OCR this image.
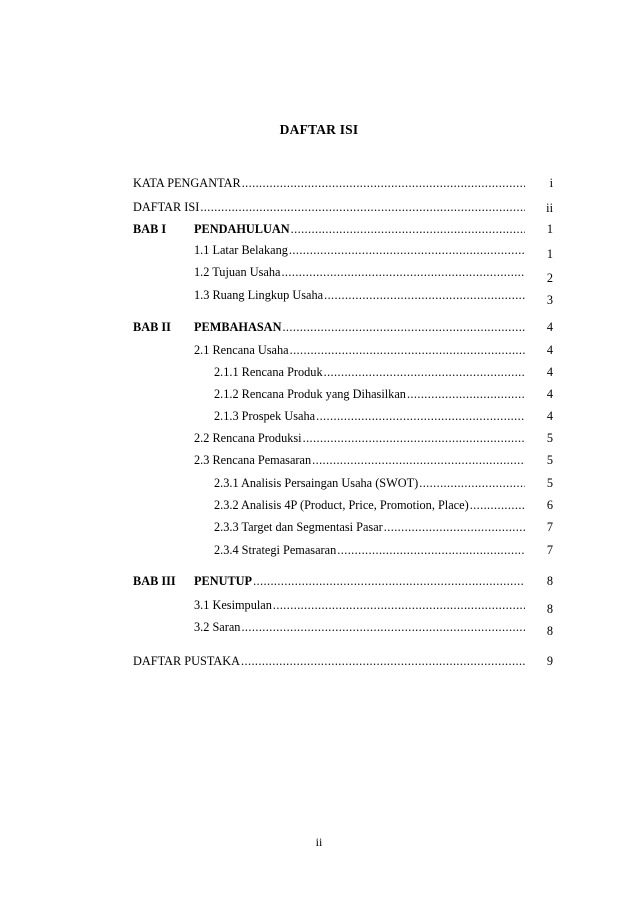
DAFTAR ISI
KATA PENGANTAR .....	i
DAFTAR ISI .....	ii
BAB I PENDAHULUAN .....	1
1.1 Latar Belakang .....	1
1.2 Tujuan Usaha .....	2
1.3 Ruang Lingkup Usaha .....	3
BAB II PEMBAHASAN .....	4
2.1 Rencana Usaha .....	4
2.1.1 Rencana Produk .....	4
2.1.2 Rencana Produk yang Dihasilkan .....	4
2.1.3 Prospek Usaha .....	4
2.2 Rencana Produksi .....	5
2.3 Rencana Pemasaran .....	5
2.3.1 Analisis Persaingan Usaha (SWOT) .....	5
2.3.2 Analisis 4P (Product, Price, Promotion, Place) .....	6
2.3.3 Target dan Segmentasi Pasar .....	7
2.3.4 Strategi Pemasaran .....	7
BAB III PENUTUP .....	8
3.1 Kesimpulan .....	8
3.2 Saran .....	8
DAFTAR PUSTAKA .....	9
ii
